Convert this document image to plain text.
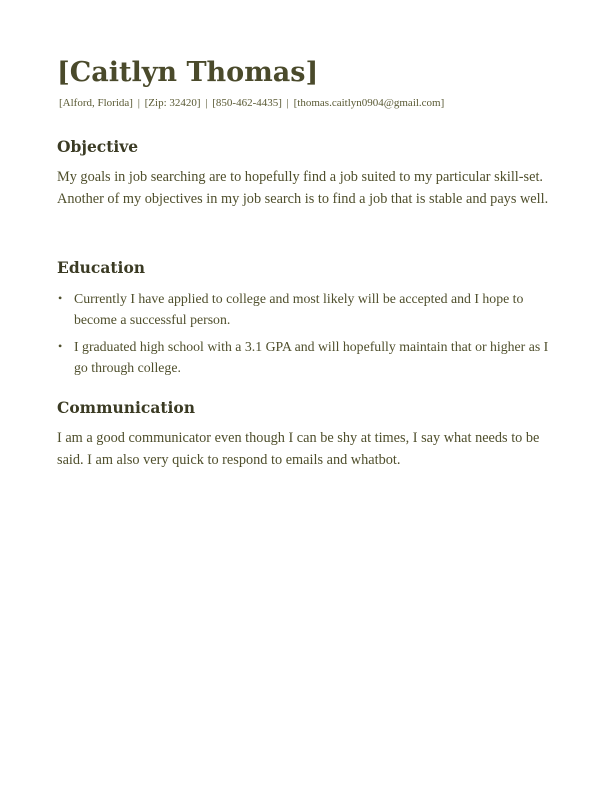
[Caitlyn Thomas]
[Alford, Florida] | [Zip: 32420] | [850-462-4435] | [thomas.caitlyn0904@gmail.com]
Objective

My goals in job searching are to hopefully find a job suited to my particular skill-set. Another of my objectives in my job search is to find a job that is stable and pays well.

Education
• Currently I have applied to college and most likely will be accepted and I hope to become a successful person.
• I graduated high school with a 3.1 GPA and will hopefully maintain that or higher as I go through college.
Communication

I am a good communicator even though I can be shy at times, I say what needs to be said. I am also very quick to respond to emails and whatbot.
